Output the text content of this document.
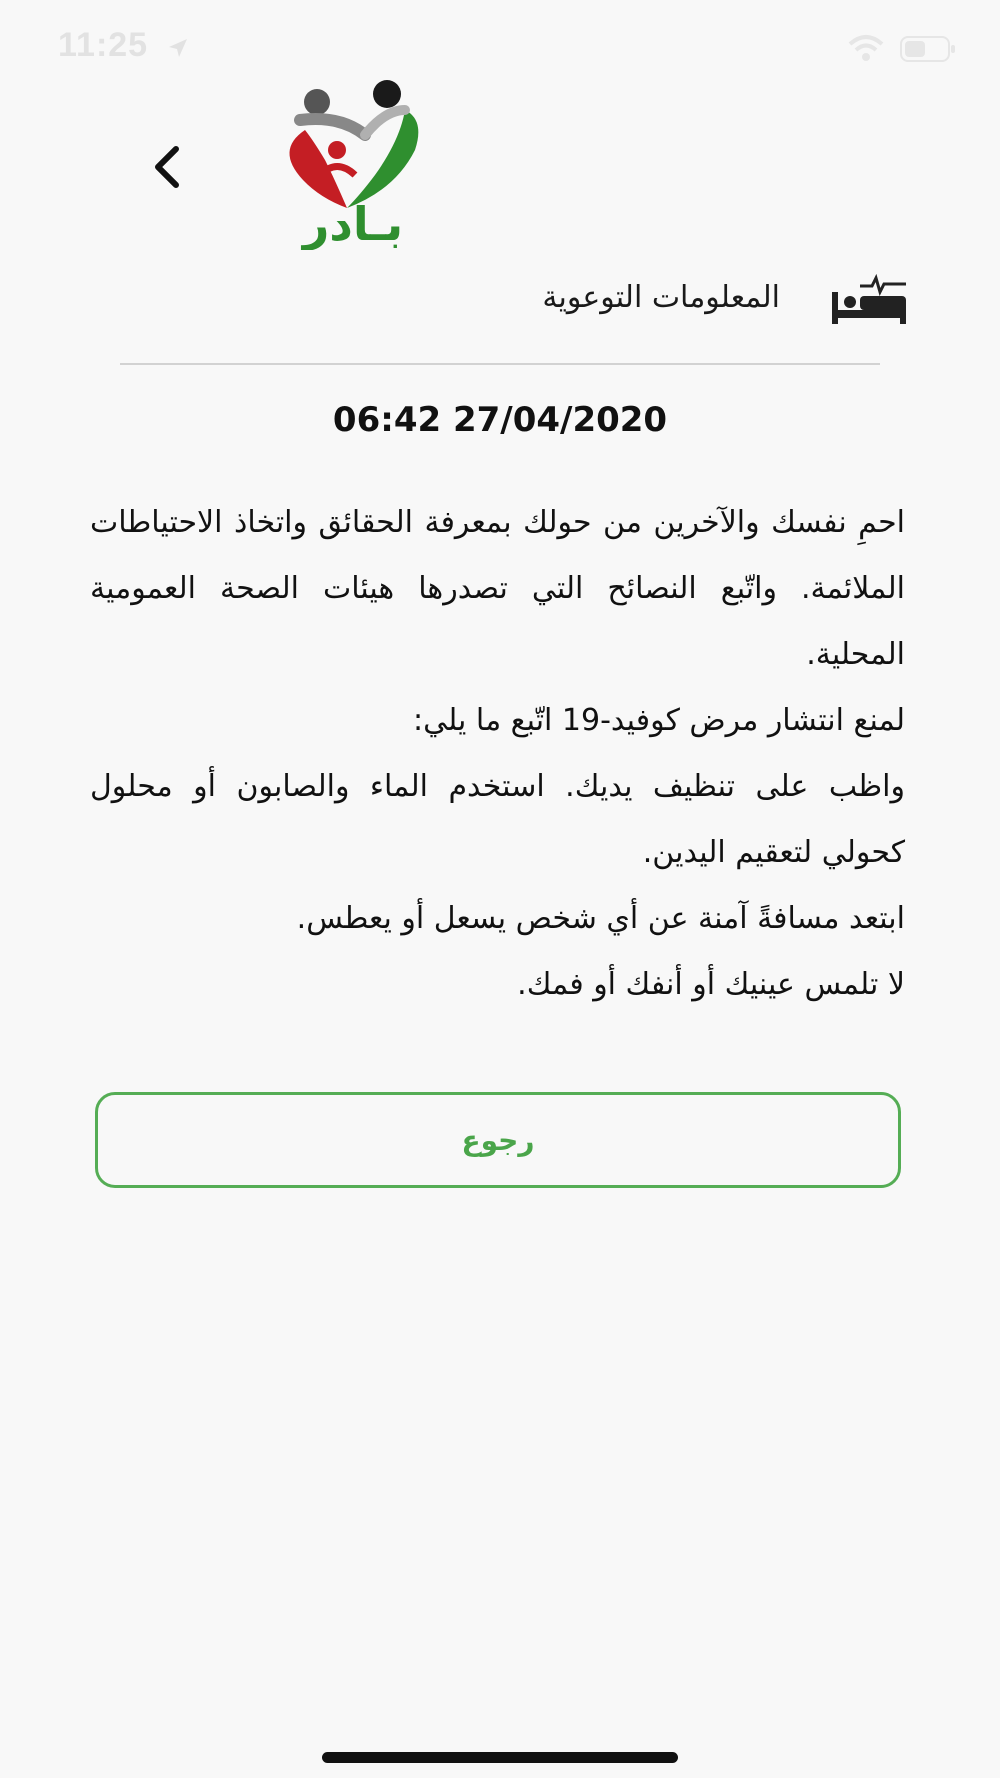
11:25
بـادر
المعلومات التوعوية
06:42 27/04/2020

احمِ نفسك والآخرين من حولك بمعرفة الحقائق واتخاذ الاحتياطات الملائمة. واتّبع النصائح التي تصدرها هيئات الصحة العمومية المحلية.

لمنع انتشار مرض كوفيد-19 اتّبع ما يلي:

واظب على تنظيف يديك. استخدم الماء والصابون أو محلول كحولي لتعقيم اليدين.

ابتعد مسافةً آمنة عن أي شخص يسعل أو يعطس.

لا تلمس عينيك أو أنفك أو فمك.

رجوع
